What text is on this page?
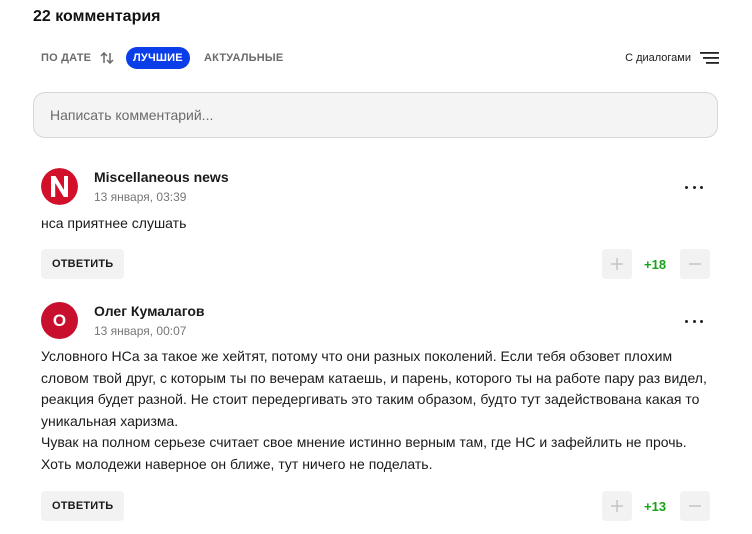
22 комментария
ПО ДАТЕ	ЛУЧШИЕ	АКТУАЛЬНЫЕ	С диалогами
Написать комментарий...
Miscellaneous news
13 января, 03:39
нса приятнее слушать
ОТВЕТИТЬ	+18
О	Олег Кумалагов
13 января, 00:07
Условного НСа за такое же хейтят, потому что они разных поколений. Если тебя обзовет плохим словом твой друг, с которым ты по вечерам катаешь, и парень, которого ты на работе пару раз видел, реакция будет разной. Не стоит передергивать это таким образом, будто тут задействована какая то уникальная харизма.
Чувак на полном серьезе считает свое мнение истинно верным там, где НС и зафейлить не прочь.
Хоть молодежи наверное он ближе, тут ничего не поделать.
ОТВЕТИТЬ	+13
